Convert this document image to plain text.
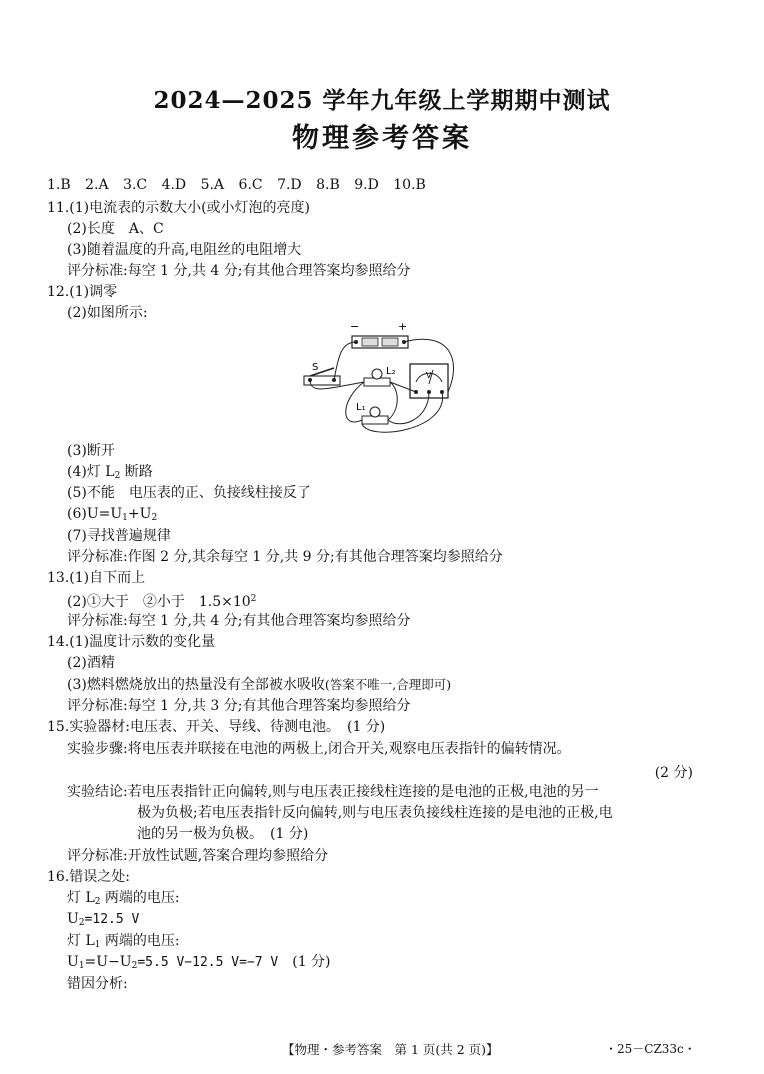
2024—2025 学年九年级上学期期中测试
物理参考答案
1.B 2.A 3.C 4.D 5.A 6.C 7.D 8.B 9.D 10.B
11.(1)电流表的示数大小(或小灯泡的亮度)
(2)长度　A、C
(3)随着温度的升高,电阻丝的电阻增大
评分标准:每空 1 分,共 4 分;有其他合理答案均参照给分
12.(1)调零
(2)如图所示:
−	+
S	L₂	V
L₁
(3)断开
(4)灯 $L_2$ 断路
(5)不能　电压表的正、负接线柱接反了
$(6)U=U_1+U_2$
(7)寻找普遍规律
评分标准:作图 2 分,其余每空 1 分,共 9 分;有其他合理答案均参照给分
13.(1)自下而上
(2)①大于　②小于　$1.5\times 10^2$
评分标准:每空 1 分,共 4 分;有其他合理答案均参照给分
14.(1)温度计示数的变化量
(2)酒精
(3)燃料燃烧放出的热量没有全部被水吸收(答案不唯一,合理即可)
评分标准:每空 1 分,共 3 分;有其他合理答案均参照给分
15.实验器材:电压表、开关、导线、待测电池。　(1 分)
实验步骤:将电压表并联接在电池的两极上,闭合开关,观察电压表指针的偏转情况。
(2 分)
实验结论:若电压表指针正向偏转,则与电压表正接线柱连接的是电池的正极,电池的另一
极为负极;若电压表指针反向偏转,则与电压表负接线柱连接的是电池的正极,电
池的另一极为负极。　(1 分)
评分标准:开放性试题,答案合理均参照给分
16.错误之处:
灯 $L_2$ 两端的电压:
$U_2=12.5$ V
灯 $L_1$ 两端的电压:
$U_1=U-U_2=5.5$ V−12.5 V=−7 V　(1 分)
错因分析:
【物理・参考答案　第 1 页(共 2 页)】	・25－CZ33c・
